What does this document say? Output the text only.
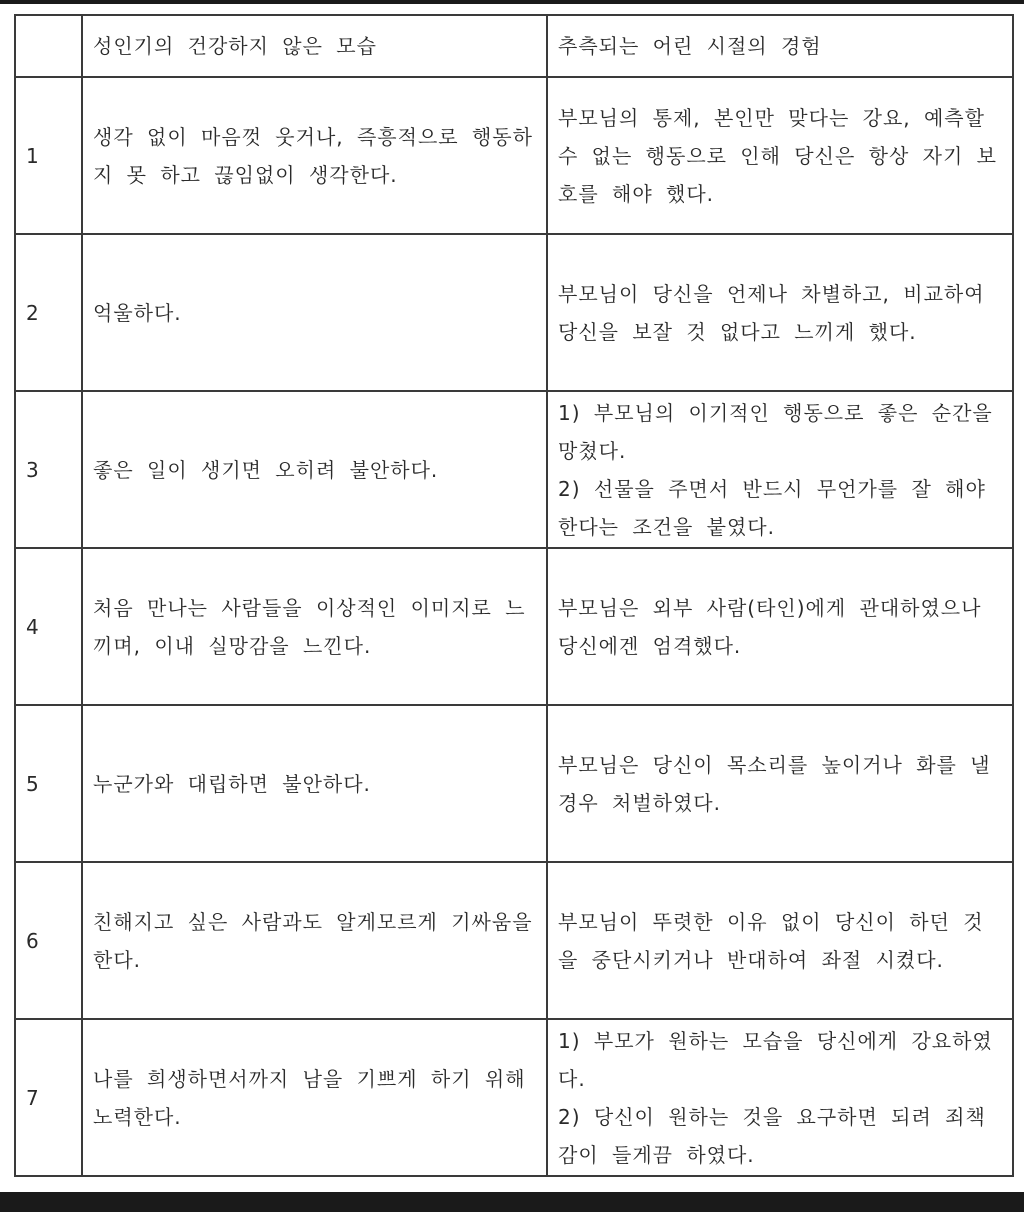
	성인기의 건강하지 않은 모습	추측되는 어린 시절의 경험
1	생각 없이 마음껏 웃거나, 즉흥적으로 행동하지 못 하고 끊임없이 생각한다.	부모님의 통제, 본인만 맞다는 강요, 예측할 수 없는 행동으로 인해 당신은 항상 자기 보호를 해야 했다.

2	억울하다.	부모님이 당신을 언제나 차별하고, 비교하여 당신을 보잘 것 없다고 느끼게 했다.

3	좋은 일이 생기면 오히려 불안하다.	1) 부모님의 이기적인 행동으로 좋은 순간을 망쳤다.
2) 선물을 주면서 반드시 무언가를 잘 해야 한다는 조건을 붙였다.

4	처음 만나는 사람들을 이상적인 이미지로 느끼며, 이내 실망감을 느낀다.	부모님은 외부 사람(타인)에게 관대하였으나 당신에겐 엄격했다.

5	누군가와 대립하면 불안하다.	부모님은 당신이 목소리를 높이거나 화를 낼 경우 처벌하였다.

6	친해지고 싶은 사람과도 알게모르게 기싸움을 한다.	부모님이 뚜렷한 이유 없이 당신이 하던 것을 중단시키거나 반대하여 좌절 시켰다.

7	나를 희생하면서까지 남을 기쁘게 하기 위해 노력한다.	1) 부모가 원하는 모습을 당신에게 강요하였다.
2) 당신이 원하는 것을 요구하면 되려 죄책감이 들게끔 하였다.
